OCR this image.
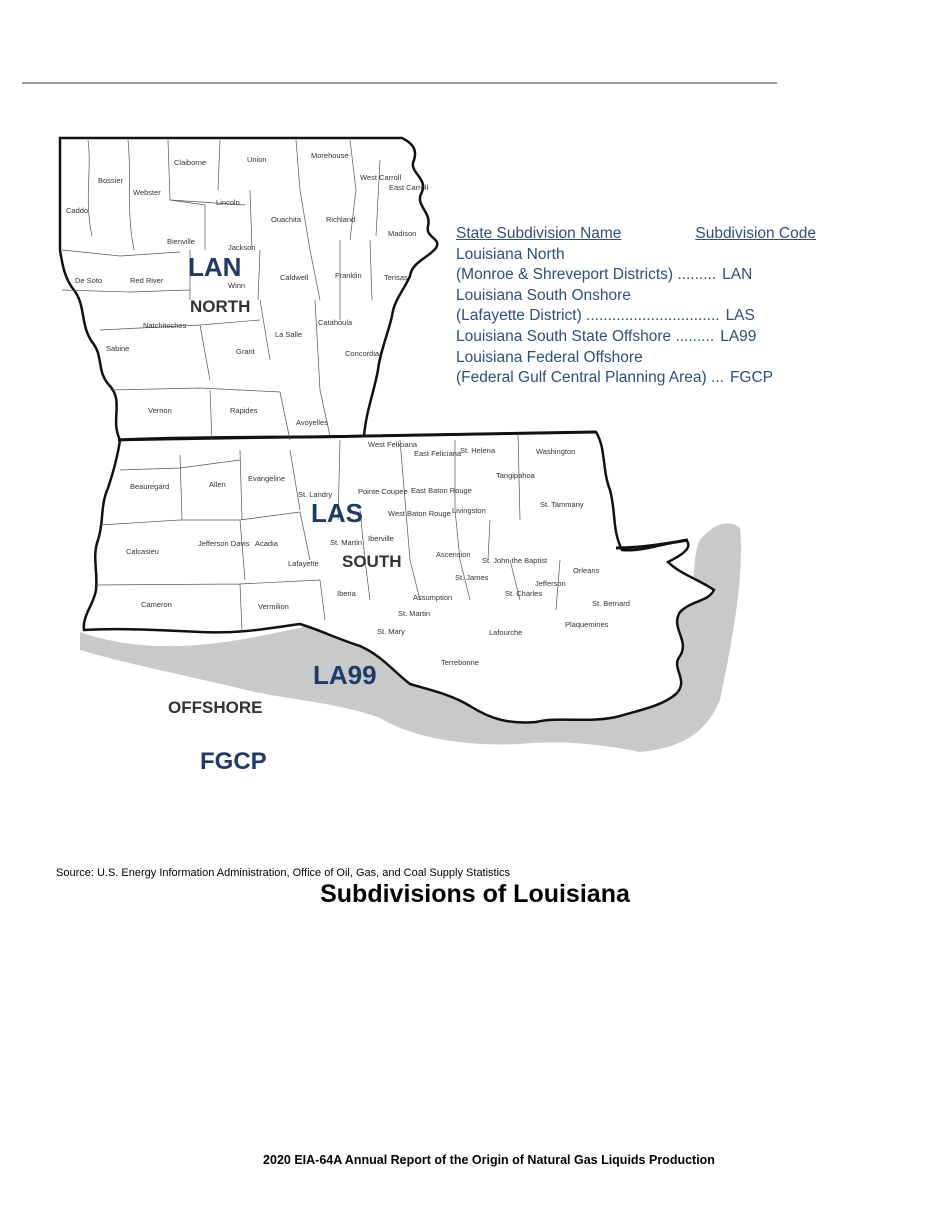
Bossier
Caddo
Webster
Claiborne	Union	Morehouse
West Carroll
East Carroll
Lincoln
Ouachita	Richland
Madison
Bienville
Jackson
De Soto	Red River
Winn
Caldwell	Franklin	Tensas
Natchitoches
La Salle
Catahoula
Concordia
Sabine	Grant
Vernon	Rapides
Avoyelles
West Feliciana
East Feliciana
St. Helena	Washington
Beauregard	Allen
Evangeline
St. Landry	Pointe Coupee East Baton Rouge
Tangipahoa
Livingston
St. Tammany
West Baton Rouge
Calcasieu
Jefferson Davis Acadia	St. Martin Iberville
Lafayette
Ascension
St. John the Baptist
Orleans
St. James
St. Charles
Jefferson
Cameron	Vermilion
Iberia	Assumption
St. Martin
St. Bernard
St. Mary	Lafourche
Plaquemines
Terrebonne
LAN
NORTH
LAS
SOUTH
LA99
OFFSHORE
FGCP
State Subdivision Name	Subdivision Code
Louisiana North
(Monroe & Shreveport Districts) ......... LAN
Louisiana South Onshore
(Lafayette District) ............................... LAS
Louisiana South State Offshore ......... LA99
Louisiana Federal Offshore
(Federal Gulf Central Planning Area) ... FGCP
Source: U.S. Energy Information Administration, Office of Oil, Gas, and Coal Supply Statistics
Subdivisions of Louisiana
2020 EIA-64A Annual Report of the Origin of Natural Gas Liquids Production
